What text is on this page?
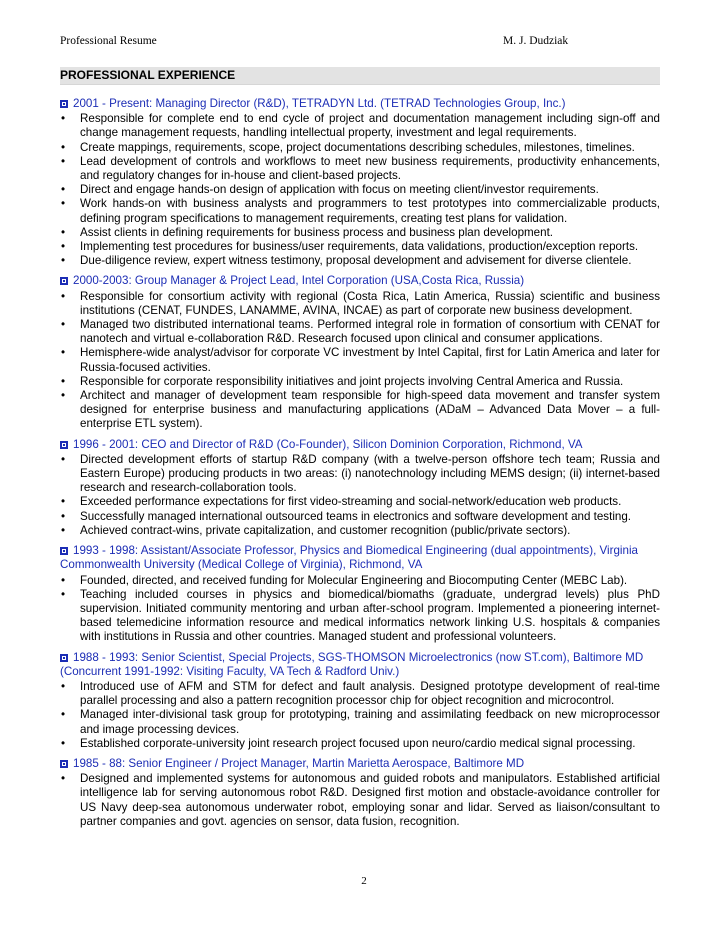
Professional Resume	M. J. Dudziak
PROFESSIONAL EXPERIENCE
2001 - Present: Managing Director (R&D), TETRADYN Ltd. (TETRAD Technologies Group, Inc.)
• Responsible for complete end to end cycle of project and documentation management including sign-off and change management requests, handling intellectual property, investment and legal requirements.
• Create mappings, requirements, scope, project documentations describing schedules, milestones, timelines.
• Lead development of controls and workflows to meet new business requirements, productivity enhancements, and regulatory changes for in-house and client-based projects.
• Direct and engage hands-on design of application with focus on meeting client/investor requirements.
• Work hands-on with business analysts and programmers to test prototypes into commercializable products, defining program specifications to management requirements, creating test plans for validation.
• Assist clients in defining requirements for business process and business plan development.
• Implementing test procedures for business/user requirements, data validations, production/exception reports.
• Due-diligence review, expert witness testimony, proposal development and advisement for diverse clientele.
2000-2003: Group Manager & Project Lead, Intel Corporation (USA,Costa Rica, Russia)
• Responsible for consortium activity with regional (Costa Rica, Latin America, Russia) scientific and business institutions (CENAT, FUNDES, LANAMME, AVINA, INCAE) as part of corporate new business development.
• Managed two distributed international teams. Performed integral role in formation of consortium with CENAT for nanotech and virtual e-collaboration R&D. Research focused upon clinical and consumer applications.
• Hemisphere-wide analyst/advisor for corporate VC investment by Intel Capital, first for Latin America and later for Russia-focused activities.
• Responsible for corporate responsibility initiatives and joint projects involving Central America and Russia.
• Architect and manager of development team responsible for high-speed data movement and transfer system designed for enterprise business and manufacturing applications (ADaM – Advanced Data Mover – a full-enterprise ETL system).
1996 - 2001: CEO and Director of R&D (Co-Founder), Silicon Dominion Corporation, Richmond, VA
• Directed development efforts of startup R&D company (with a twelve-person offshore tech team; Russia and Eastern Europe) producing products in two areas: (i) nanotechnology including MEMS design; (ii) internet-based research and research-collaboration tools.
• Exceeded performance expectations for first video-streaming and social-network/education web products.
• Successfully managed international outsourced teams in electronics and software development and testing.
• Achieved contract-wins, private capitalization, and customer recognition (public/private sectors).
1993 - 1998: Assistant/Associate Professor, Physics and Biomedical Engineering (dual appointments), Virginia Commonwealth University (Medical College of Virginia), Richmond, VA
• Founded, directed, and received funding for Molecular Engineering and Biocomputing Center (MEBC Lab).
• Teaching included courses in physics and biomedical/biomaths (graduate, undergrad levels) plus PhD supervision. Initiated community mentoring and urban after-school program. Implemented a pioneering internet-based telemedicine information resource and medical informatics network linking U.S. hospitals & companies with institutions in Russia and other countries. Managed student and professional volunteers.
1988 - 1993: Senior Scientist, Special Projects, SGS-THOMSON Microelectronics (now ST.com), Baltimore MD (Concurrent 1991-1992: Visiting Faculty, VA Tech & Radford Univ.)
• Introduced use of AFM and STM for defect and fault analysis. Designed prototype development of real-time parallel processing and also a pattern recognition processor chip for object recognition and microcontrol.
• Managed inter-divisional task group for prototyping, training and assimilating feedback on new microprocessor and image processing devices.
• Established corporate-university joint research project focused upon neuro/cardio medical signal processing.
1985 - 88: Senior Engineer / Project Manager, Martin Marietta Aerospace, Baltimore MD
• Designed and implemented systems for autonomous and guided robots and manipulators. Established artificial intelligence lab for serving autonomous robot R&D. Designed first motion and obstacle-avoidance controller for US Navy deep-sea autonomous underwater robot, employing sonar and lidar. Served as liaison/consultant to partner companies and govt. agencies on sensor, data fusion, recognition.
2
